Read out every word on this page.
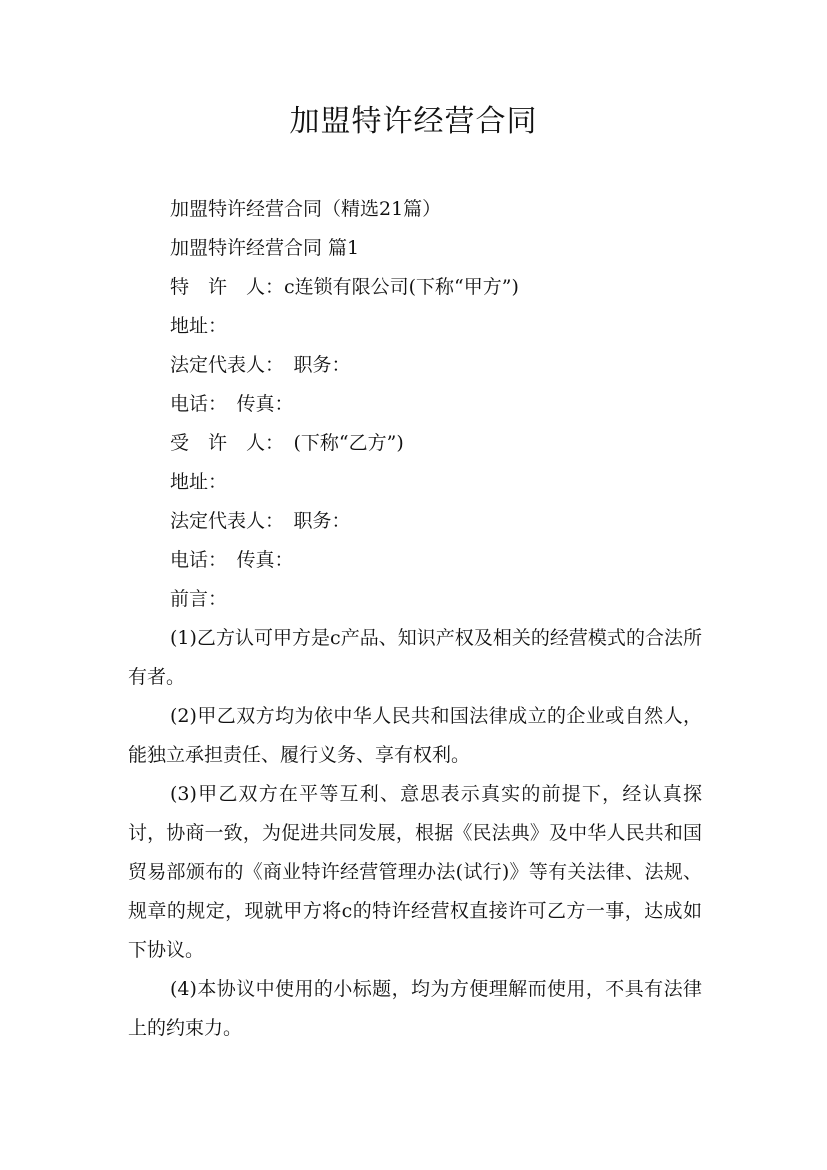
加盟特许经营合同

加盟特许经营合同（精选21篇）

加盟特许经营合同 篇1

特　许　人：c连锁有限公司(下称“甲方”)

地址：

法定代表人：　职务：

电话：　传真：

受　许　人：　(下称“乙方”)

地址：

法定代表人：　职务：

电话：　传真：

前言：

(1)乙方认可甲方是c产品、知识产权及相关的经营模式的合法所有者。

(2)甲乙双方均为依中华人民共和国法律成立的企业或自然人，能独立承担责任、履行义务、享有权利。

(3)甲乙双方在平等互利、意思表示真实的前提下，经认真探讨，协商一致，为促进共同发展，根据《民法典》及中华人民共和国贸易部颁布的《商业特许经营管理办法(试行)》等有关法律、法规、规章的规定，现就甲方将c的特许经营权直接许可乙方一事，达成如下协议。

(4)本协议中使用的小标题，均为方便理解而使用，不具有法律上的约束力。
